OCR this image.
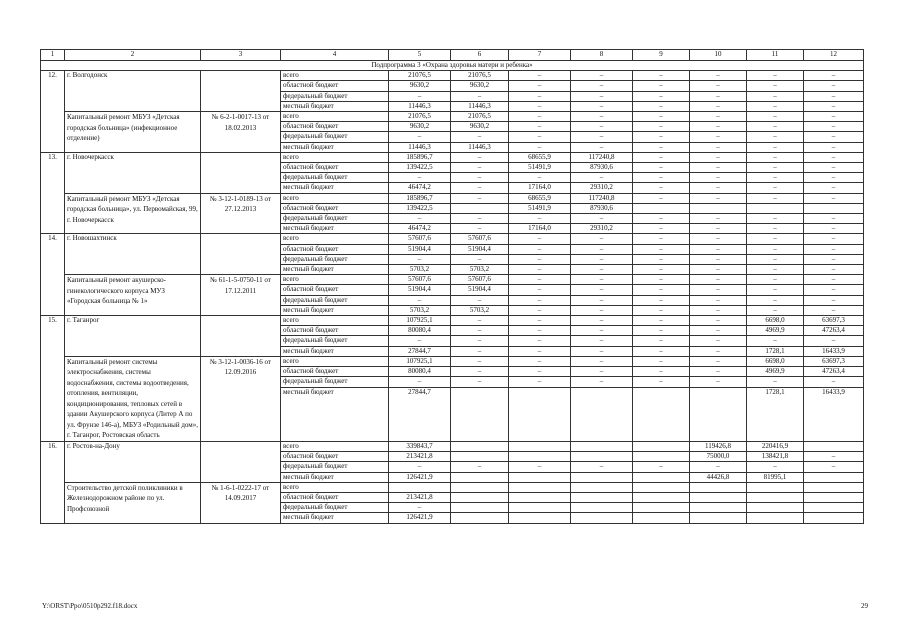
1	2	3	4	5	6	7	8	9	10	11	12
Подпрограмма 3 «Охрана здоровья матери и ребенка»											
12.	г. Волгодонск		всего	21076,5	21076,5	–	–	–	–	–	–
			областной бюджет	9630,2	9630,2	–	–	–	–	–	–
			федеральный бюджет	–	–	–	–	–	–	–	–
			местный бюджет	11446,3	11446,3	–	–	–	–	–	–
	Капитальный ремонт МБУЗ «Детская городская больница» (инфекционное отделение)	№ 6-2-1-0017-13 от 18.02.2013	всего	21076,5	21076,5	–	–	–	–	–	–
			областной бюджет	9630,2	9630,2	–	–	–	–	–	–
			федеральный бюджет	–	–	–	–	–	–	–	–
			местный бюджет	11446,3	11446,3	–	–	–	–	–	–
13.	г. Новочеркасск		всего	185896,7	–	68655,9	117240,8	–	–	–	–
			областной бюджет	139422,5	–	51491,9	87930,6	–	–	–	–
			федеральный бюджет	–	–	–	–	–	–	–	–
			местный бюджет	46474,2	–	17164,0	29310,2	–	–	–	–
	Капитальный ремонт МБУЗ «Детская городская больница», ул. Первомайская, 99, г. Новочеркасск	№ 3-12-1-0189-13 от 27.12.2013	всего	185896,7	–	68655,9	117240,8	–	–	–	–
			областной бюджет	139422,5		51491,9	87930,6				
			федеральный бюджет	–	–	–	–	–	–	–	–
			местный бюджет	46474,2	–	17164,0	29310,2	–	–	–	–

14.	г. Новошахтинск		всего	57607,6	57607,6	–	–	–	–	–	–
			областной бюджет	51904,4	51904,4	–	–	–	–	–	–
			федеральный бюджет	–	–	–	–	–	–	–	–
			местный бюджет	5703,2	5703,2	–	–	–	–	–	–
	Капитальный ремонт акушерско-гинекологического корпуса МУЗ «Городская больница № 1»	№ 61-1-5-0750-11 от 17.12.2011	всего	57607,6	57607,6	–	–	–	–	–	–
			областной бюджет	51904,4	51904,4	–	–	–	–	–	–
			федеральный бюджет	–	–	–	–	–	–	–	–
			местный бюджет	5703,2	5703,2	–	–	–	–	–	–
15.	г. Таганрог		всего	107925,1	–	–	–	–	–	6698,0	63697,3
			областной бюджет	80080,4	–	–	–	–	–	4969,9	47263,4
			федеральный бюджет	–	–	–	–	–	–	–	–
			местный бюджет	27844,7	–	–	–	–	–	1728,1	16433,9
	Капитальный ремонт системы электроснабжения, системы водоснабжения, системы водоотведения, отопления, вентиляции, кондиционирования, тепловых сетей в здании Акушерского корпуса (Литер А по ул. Фрунзе 146-а), МБУЗ «Родильный дом», г. Таганрог, Ростовская область	№ 3-12-1-0036-16 от 12.09.2016	всего	107925,1	–	–	–	–	–	6698,0	63697,3
			областной бюджет	80080,4	–	–	–	–	–	4969,9	47263,4
			федеральный бюджет	–	–	–	–	–	–	–	–
			местный бюджет	27844,7						1728,1	16433,9

16.	г. Ростов-на-Дону		всего	339843,7					119426,8	220416,9	
			областной бюджет	213421,8					75000,0	138421,8	–
			федеральный бюджет	–	–	–	–	–	–	–	–
			местный бюджет	126421,9					44426,8	81995,1	
	Строительство детской поликлиники в Железнодорожном районе по ул. Профсоюзной	№ 1-6-1-0222-17 от 14.09.2017	всего								
			областной бюджет	213421,8							
			федеральный бюджет	–							
			местный бюджет	126421,9							
Y:\ORST\Ppo\0510p292.f18.docx	29
